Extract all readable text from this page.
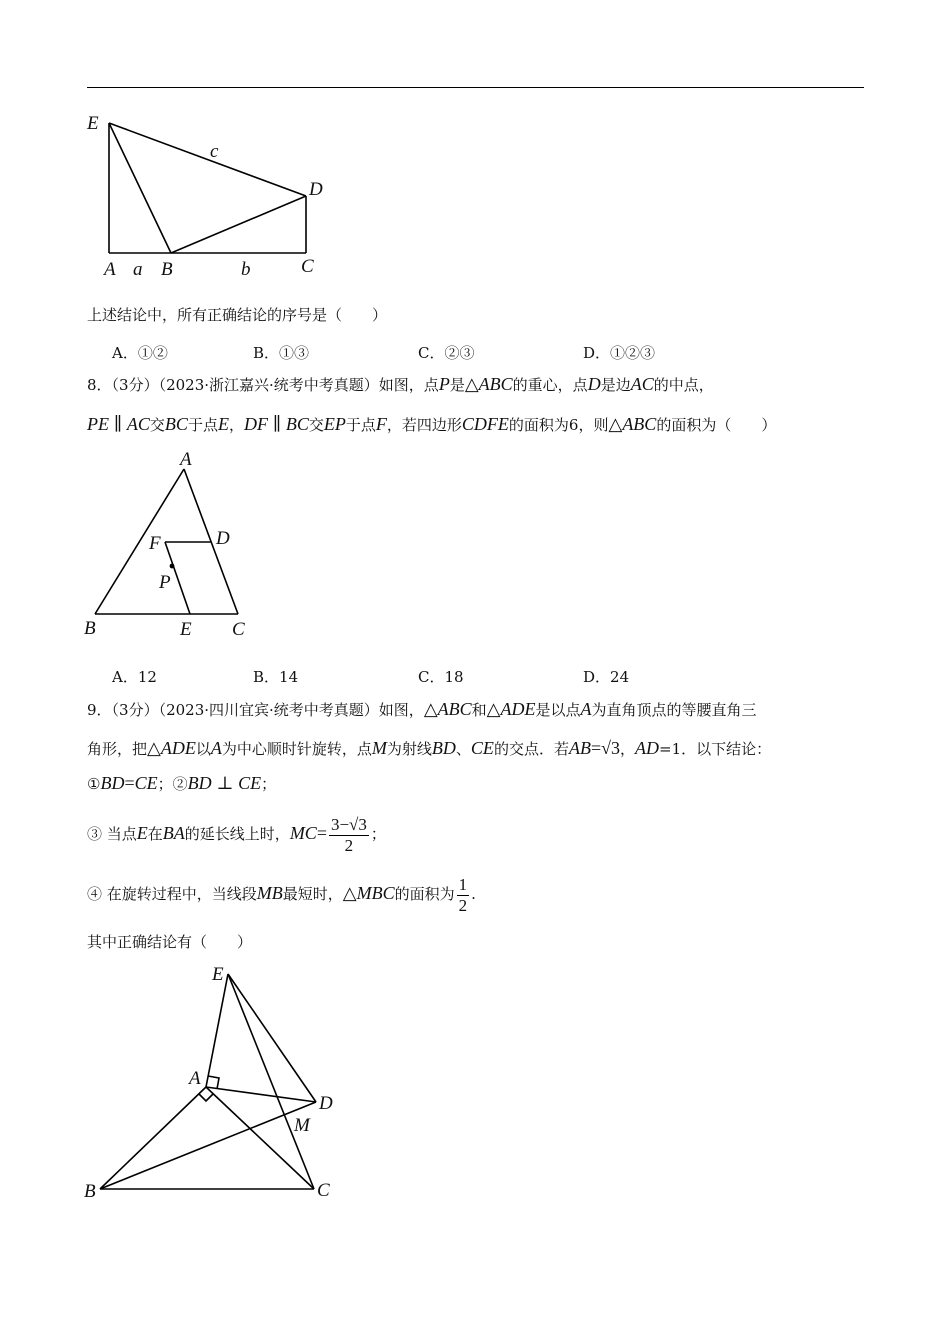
E
c
D
A a B	b	C
上述结论中，所有正确结论的序号是（　　）
A．①②	B．①③	C．②③	D．①②③
8．（3分）（2023·浙江嘉兴·统考中考真题）如图，点P是△ABC的重心，点D是边AC的中点，
PE ∥ AC交BC于点E，DF ∥ BC交EP于点F，若四边形CDFE的面积为6，则△ABC的面积为（　　）
A
D
F
P
B	E C
A．12	B．14	C．18	D．24
9．（3分）（2023·四川宜宾·统考中考真题）如图，△ABC和△ADE是以点A为直角顶点的等腰直角三
角形，把△ADE以A为中心顺时针旋转，点M为射线BD、CE的交点．若AB=√3，AD=1．以下结论：
①BD=CE；②BD ⊥ CE；
③ 当点E在BA的延长线上时，$MC= \frac{3-√3}{2}$ ；
④ 在旋转过程中，当线段MB最短时，△MBC的面积为 $\frac{1}{2}$ .
其中正确结论有（　　）
E
A
D
M
B	C
